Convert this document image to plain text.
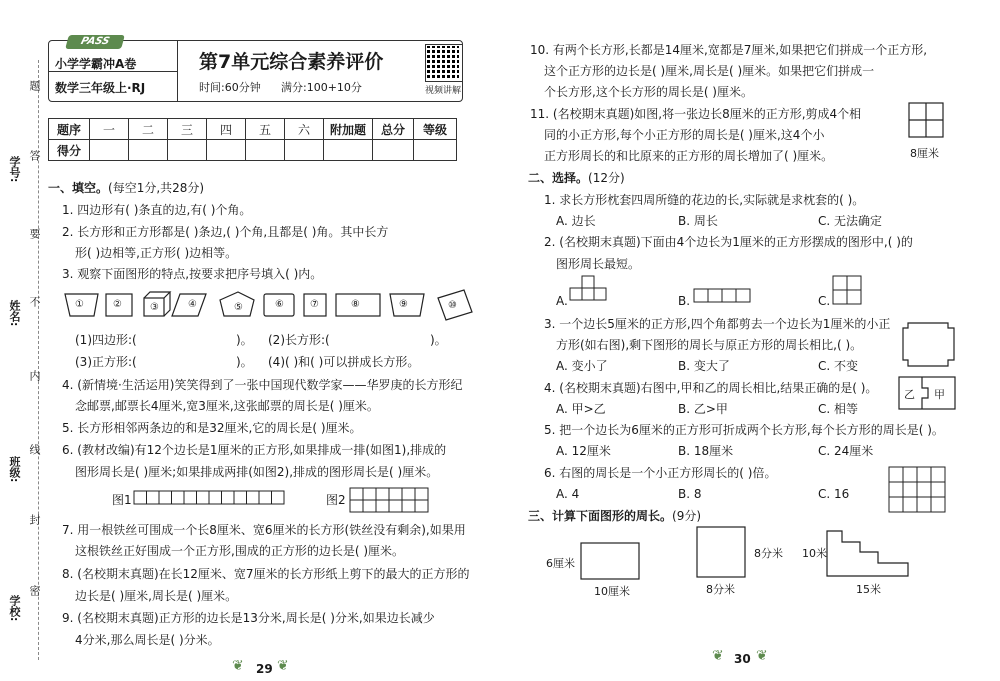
学号:
姓名:
班级:
学校:
题
答
要
不
内
线
封
密
PASS
小学学霸冲A卷
数学三年级上·RJ
第7单元综合素养评价
时间:60分钟 满分:100+10分	视频讲解
题序	一	二	三	四	五	六	附加题	总分	等级
得分									
一、填空。(每空1分,共28分)
1. 四边形有( )条直的边,有( )个角。
2. 长方形和正方形都是( )条边,( )个角,且都是( )角。其中长方
形( )边相等,正方形( )边相等。
3. 观察下面图形的特点,按要求把序号填入( )内。
①	②	③	④	⑤	⑥	⑦	⑧	⑨	⑩
(1)四边形:(	)。 (2)长方形:(	)。
(3)正方形:(	)。 (4)( )和( )可以拼成长方形。
4. (新情境·生活运用)笑笑得到了一张中国现代数学家——华罗庚的长方形纪
念邮票,邮票长4厘米,宽3厘米,这张邮票的周长是( )厘米。
5. 长方形相邻两条边的和是32厘米,它的周长是( )厘米。
6. (教材改编)有12个边长是1厘米的正方形,如果排成一排(如图1),排成的
图形周长是( )厘米;如果排成两排(如图2),排成的图形周长是( )厘米。
图1	图2
7. 用一根铁丝可围成一个长8厘米、宽6厘米的长方形(铁丝没有剩余),如果用
这根铁丝正好围成一个正方形,围成的正方形的边长是( )厘米。
8. (名校期末真题)在长12厘米、宽7厘米的长方形纸上剪下的最大的正方形的
边长是( )厘米,周长是( )厘米。
9. (名校期末真题)正方形的边长是13分米,周长是( )分米,如果边长减少
4分米,那么周长是( )分米。
29
❦ ❦
10. 有两个长方形,长都是14厘米,宽都是7厘米,如果把它们拼成一个正方形,
这个正方形的边长是( )厘米,周长是( )厘米。如果把它们拼成一
个长方形,这个长方形的周长是( )厘米。
11. (名校期末真题)如图,将一张边长8厘米的正方形,剪成4个相
同的小正方形,每个小正方形的周长是( )厘米,这4个小
正方形周长的和比原来的正方形的周长增加了( )厘米。	8厘米
二、选择。(12分)
1. 求长方形枕套四周所缝的花边的长,实际就是求枕套的( )。
A. 边长	B. 周长	C. 无法确定
2. (名校期末真题)下面由4个边长为1厘米的正方形摆成的图形中,( )的
图形周长最短。
A.	B.	C.
3. 一个边长5厘米的正方形,四个角都剪去一个边长为1厘米的小正
方形(如右图),剩下图形的周长与原正方形的周长相比,( )。
A. 变小了	B. 变大了	C. 不变
4. (名校期末真题)右图中,甲和乙的周长相比,结果正确的是( )。
A. 甲>乙	B. 乙>甲	C. 相等
乙 甲
5. 把一个边长为6厘米的正方形可折成两个长方形,每个长方形的周长是( )。
A. 12厘米	B. 18厘米	C. 24厘米
6. 右图的周长是一个小正方形周长的( )倍。
A. 4	B. 8	C. 16
三、计算下面图形的周长。(9分)
6厘米
10厘米
8分米
8分米
10米
15米
30
❦ ❦
